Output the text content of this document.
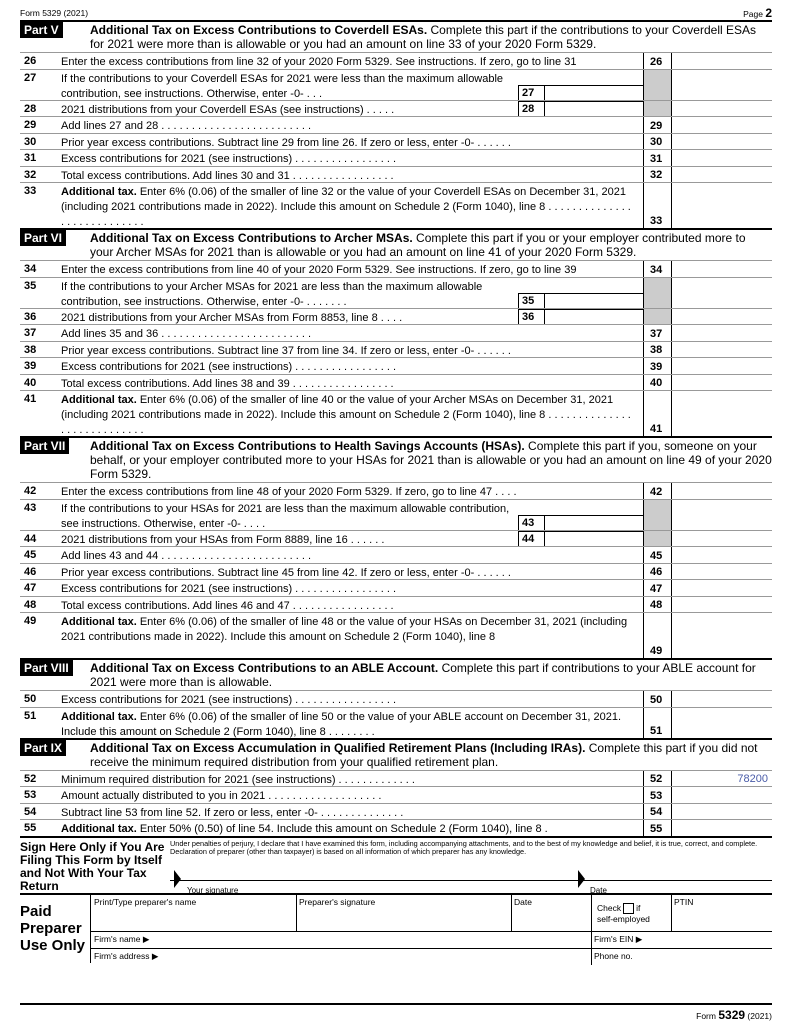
Form 5329 (2021)	Page 2
Part V	Additional Tax on Excess Contributions to Coverdell ESAs. Complete this part if the contributions to your Coverdell ESAs for 2021 were more than is allowable or you had an amount on line 33 of your 2020 Form 5329.
26	Enter the excess contributions from line 32 of your 2020 Form 5329. See instructions. If zero, go to line 31	26
27	If the contributions to your Coverdell ESAs for 2021 were less than the maximum allowable contribution, see instructions. Otherwise, enter -0- . . .	27
28	2021 distributions from your Coverdell ESAs (see instructions) . . . . .	28
29	Add lines 27 and 28 . . . . . . . . . . . . . . . . . . . . . . . . .	29
30	Prior year excess contributions. Subtract line 29 from line 26. If zero or less, enter -0- . . . . . .	30
31	Excess contributions for 2021 (see instructions) . . . . . . . . . . . . . . . . .	31
32	Total excess contributions. Add lines 30 and 31 . . . . . . . . . . . . . . . . .	32
33	Additional tax. Enter 6% (0.06) of the smaller of line 32 or the value of your Coverdell ESAs on December 31, 2021 (including 2021 contributions made in 2022). Include this amount on Schedule 2 (Form 1040), line 8 . . . . . . . . . . . . . . . . . . . . . . . . . . . .	33
Part VI	Additional Tax on Excess Contributions to Archer MSAs. Complete this part if you or your employer contributed more to your Archer MSAs for 2021 than is allowable or you had an amount on line 41 of your 2020 Form 5329.
34	Enter the excess contributions from line 40 of your 2020 Form 5329. See instructions. If zero, go to line 39	34
35	If the contributions to your Archer MSAs for 2021 are less than the maximum allowable contribution, see instructions. Otherwise, enter -0- . . . . . . .	35
36	2021 distributions from your Archer MSAs from Form 8853, line 8 . . . .	36
37	Add lines 35 and 36 . . . . . . . . . . . . . . . . . . . . . . . . .	37
38	Prior year excess contributions. Subtract line 37 from line 34. If zero or less, enter -0- . . . . . .	38
39	Excess contributions for 2021 (see instructions) . . . . . . . . . . . . . . . . .	39
40	Total excess contributions. Add lines 38 and 39 . . . . . . . . . . . . . . . . .	40
41	Additional tax. Enter 6% (0.06) of the smaller of line 40 or the value of your Archer MSAs on December 31, 2021 (including 2021 contributions made in 2022). Include this amount on Schedule 2 (Form 1040), line 8 . . . . . . . . . . . . . . . . . . . . . . . . . . . .	41
Part VII	Additional Tax on Excess Contributions to Health Savings Accounts (HSAs). Complete this part if you, someone on your behalf, or your employer contributed more to your HSAs for 2021 than is allowable or you had an amount on line 49 of your 2020 Form 5329.
42	Enter the excess contributions from line 48 of your 2020 Form 5329. If zero, go to line 47 . . . .	42
43	If the contributions to your HSAs for 2021 are less than the maximum allowable contribution, see instructions. Otherwise, enter -0- . . . .	43
44	2021 distributions from your HSAs from Form 8889, line 16 . . . . . .	44
45	Add lines 43 and 44 . . . . . . . . . . . . . . . . . . . . . . . . .	45
46	Prior year excess contributions. Subtract line 45 from line 42. If zero or less, enter -0- . . . . . .	46
47	Excess contributions for 2021 (see instructions) . . . . . . . . . . . . . . . . .	47
48	Total excess contributions. Add lines 46 and 47 . . . . . . . . . . . . . . . . .	48
49	Additional tax. Enter 6% (0.06) of the smaller of line 48 or the value of your HSAs on December 31, 2021 (including 2021 contributions made in 2022). Include this amount on Schedule 2 (Form 1040), line 8
49
Part VIII	Additional Tax on Excess Contributions to an ABLE Account. Complete this part if contributions to your ABLE account for 2021 were more than is allowable.
50	Excess contributions for 2021 (see instructions) . . . . . . . . . . . . . . . . .	50
51	Additional tax. Enter 6% (0.06) of the smaller of line 50 or the value of your ABLE account on December 31, 2021. Include this amount on Schedule 2 (Form 1040), line 8 . . . . . . . .	51
Part IX	Additional Tax on Excess Accumulation in Qualified Retirement Plans (Including IRAs). Complete this part if you did not receive the minimum required distribution from your qualified retirement plan.
52	Minimum required distribution for 2021 (see instructions) . . . . . . . . . . . . .	52	78200
53	Amount actually distributed to you in 2021 . . . . . . . . . . . . . . . . . . .	53
54	Subtract line 53 from line 52. If zero or less, enter -0- . . . . . . . . . . . . . .	54
55	Additional tax. Enter 50% (0.50) of line 54. Include this amount on Schedule 2 (Form 1040), line 8 .	55
Sign Here Only if You Are Filing This Form by Itself and Not With Your Tax Return
Under penalties of perjury, I declare that I have examined this form, including accompanying attachments, and to the best of my knowledge and belief, it is true, correct, and complete. Declaration of preparer (other than taxpayer) is based on all information of which preparer has any knowledge.
Your signature	Date
Paid Preparer Use Only
Print/Type preparer's name	Preparer's signature	Date
Check if
self-employed
PTIN
Firm's name ▶	Firm's EIN ▶
Firm's address ▶	Phone no.
Form 5329 (2021)
